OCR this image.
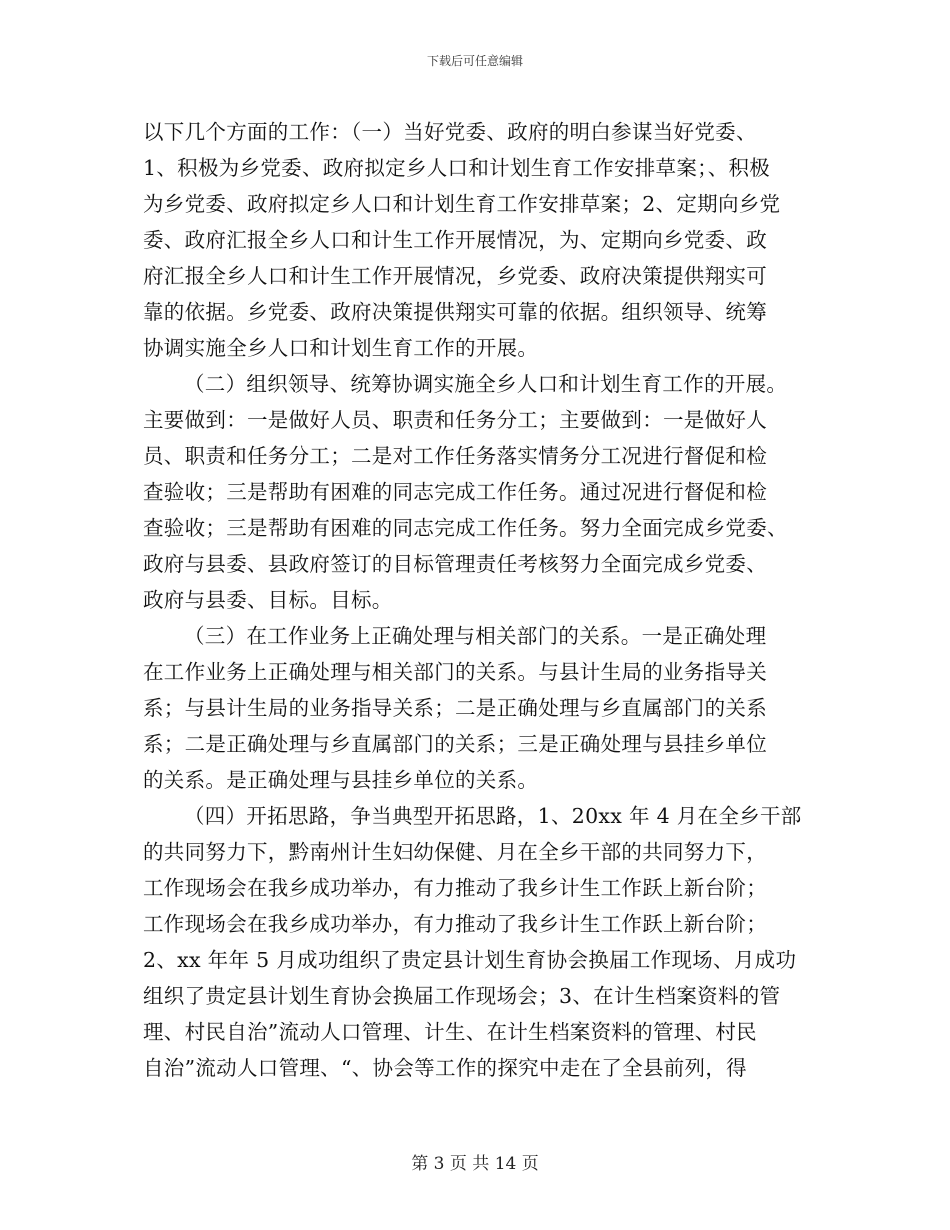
下载后可任意编辑
以下几个方面的工作：（一）当好党委、政府的明白参谋当好党委、
1、积极为乡党委、政府拟定乡人口和计划生育工作安排草案；、积极
为乡党委、政府拟定乡人口和计划生育工作安排草案；2、定期向乡党
委、政府汇报全乡人口和计生工作开展情况，为、定期向乡党委、政
府汇报全乡人口和计生工作开展情况，乡党委、政府决策提供翔实可
靠的依据。乡党委、政府决策提供翔实可靠的依据。组织领导、统筹
协调实施全乡人口和计划生育工作的开展。
（二）组织领导、统筹协调实施全乡人口和计划生育工作的开展。
主要做到：一是做好人员、职责和任务分工；主要做到：一是做好人
员、职责和任务分工；二是对工作任务落实情务分工况进行督促和检
查验收；三是帮助有困难的同志完成工作任务。通过况进行督促和检
查验收；三是帮助有困难的同志完成工作任务。努力全面完成乡党委、
政府与县委、县政府签订的目标管理责任考核努力全面完成乡党委、
政府与县委、目标。目标。
（三）在工作业务上正确处理与相关部门的关系。一是正确处理
在工作业务上正确处理与相关部门的关系。与县计生局的业务指导关
系；与县计生局的业务指导关系；二是正确处理与乡直属部门的关系
系；二是正确处理与乡直属部门的关系；三是正确处理与县挂乡单位
的关系。是正确处理与县挂乡单位的关系。
（四）开拓思路，争当典型开拓思路，1、20xx 年 4 月在全乡干部
的共同努力下，黔南州计生妇幼保健、月在全乡干部的共同努力下，
工作现场会在我乡成功举办，有力推动了我乡计生工作跃上新台阶；
工作现场会在我乡成功举办，有力推动了我乡计生工作跃上新台阶；
2、xx 年年 5 月成功组织了贵定县计划生育协会换届工作现场、月成功
组织了贵定县计划生育协会换届工作现场会；3、在计生档案资料的管
理、村民自治”流动人口管理、计生、在计生档案资料的管理、村民
自治”流动人口管理、“、协会等工作的探究中走在了全县前列，得
第 3 页 共 14 页
